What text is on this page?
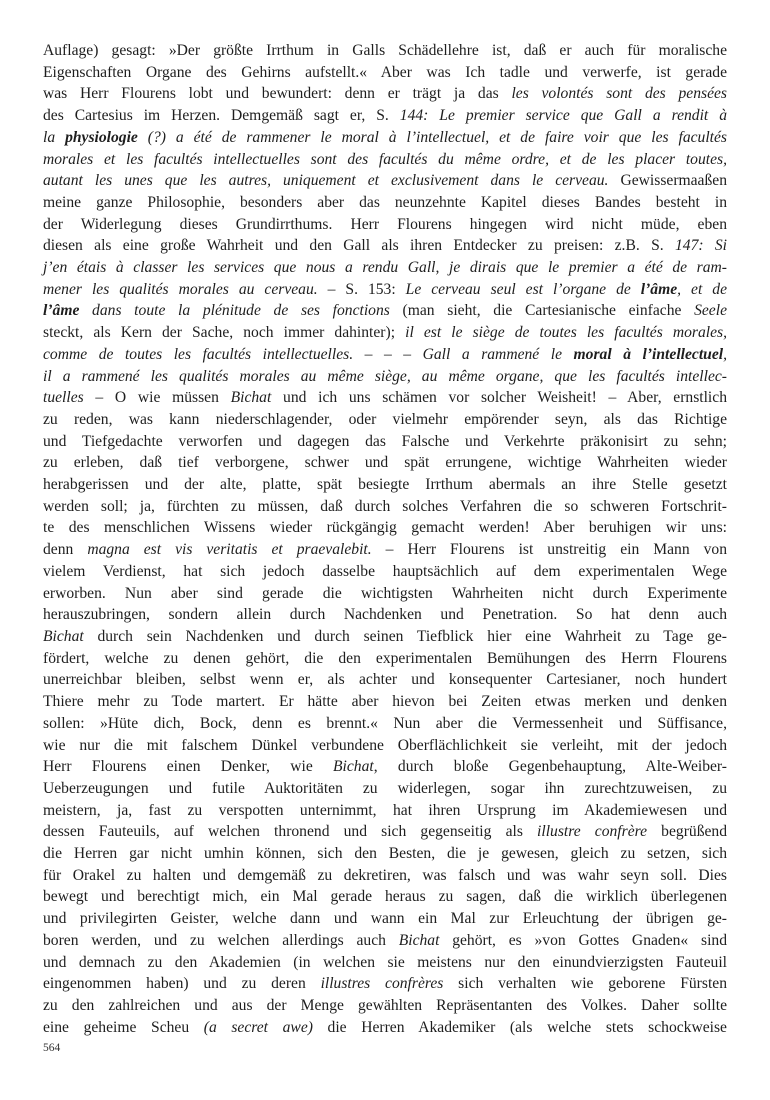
Auflage) gesagt: »Der größte Irrthum in Galls Schädellehre ist, daß er auch für moralische
Eigenschaften Organe des Gehirns aufstellt.« Aber was Ich tadle und verwerfe, ist gerade
was Herr Flourens lobt und bewundert: denn er trägt ja das les volontés sont des pensées
des Cartesius im Herzen. Demgemäß sagt er, S. 144: Le premier service que Gall a rendit à
la physiologie (?) a été de rammener le moral à l’intellectuel, et de faire voir que les facultés
morales et les facultés intellectuelles sont des facultés du même ordre, et de les placer toutes,
autant les unes que les autres, uniquement et exclusivement dans le cerveau. Gewissermaaßen
meine ganze Philosophie, besonders aber das neunzehnte Kapitel dieses Bandes besteht in
der Widerlegung dieses Grundirrthums. Herr Flourens hingegen wird nicht müde, eben
diesen als eine große Wahrheit und den Gall als ihren Entdecker zu preisen: z.B. S. 147: Si
j’en étais à classer les services que nous a rendu Gall, je dirais que le premier a été de ram-
mener les qualités morales au cerveau. – S. 153: Le cerveau seul est l’organe de l’âme, et de
l’âme dans toute la plénitude de ses fonctions (man sieht, die Cartesianische einfache Seele
steckt, als Kern der Sache, noch immer dahinter); il est le siège de toutes les facultés morales,
comme de toutes les facultés intellectuelles. – – – Gall a rammené le moral à l’intellectuel,
il a rammené les qualités morales au même siège, au même organe, que les facultés intellec-
tuelles – O wie müssen Bichat und ich uns schämen vor solcher Weisheit! – Aber, ernstlich
zu reden, was kann niederschlagender, oder vielmehr empörender seyn, als das Richtige
und Tiefgedachte verworfen und dagegen das Falsche und Verkehrte präkonisirt zu sehn;
zu erleben, daß tief verborgene, schwer und spät errungene, wichtige Wahrheiten wieder
herabgerissen und der alte, platte, spät besiegte Irrthum abermals an ihre Stelle gesetzt
werden soll; ja, fürchten zu müssen, daß durch solches Verfahren die so schweren Fortschrit-
te des menschlichen Wissens wieder rückgängig gemacht werden! Aber beruhigen wir uns:
denn magna est vis veritatis et praevalebit. – Herr Flourens ist unstreitig ein Mann von
vielem Verdienst, hat sich jedoch dasselbe hauptsächlich auf dem experimentalen Wege
erworben. Nun aber sind gerade die wichtigsten Wahrheiten nicht durch Experimente
herauszubringen, sondern allein durch Nachdenken und Penetration. So hat denn auch
Bichat durch sein Nachdenken und durch seinen Tiefblick hier eine Wahrheit zu Tage ge-
fördert, welche zu denen gehört, die den experimentalen Bemühungen des Herrn Flourens
unerreichbar bleiben, selbst wenn er, als achter und konsequenter Cartesianer, noch hundert
Thiere mehr zu Tode martert. Er hätte aber hievon bei Zeiten etwas merken und denken
sollen: »Hüte dich, Bock, denn es brennt.« Nun aber die Vermessenheit und Süffisance,
wie nur die mit falschem Dünkel verbundene Oberflächlichkeit sie verleiht, mit der jedoch
Herr Flourens einen Denker, wie Bichat, durch bloße Gegenbehauptung, Alte-Weiber-
Ueberzeugungen und futile Auktoritäten zu widerlegen, sogar ihn zurechtzuweisen, zu
meistern, ja, fast zu verspotten unternimmt, hat ihren Ursprung im Akademiewesen und
dessen Fauteuils, auf welchen thronend und sich gegenseitig als illustre confrère begrüßend
die Herren gar nicht umhin können, sich den Besten, die je gewesen, gleich zu setzen, sich
für Orakel zu halten und demgemäß zu dekretiren, was falsch und was wahr seyn soll. Dies
bewegt und berechtigt mich, ein Mal gerade heraus zu sagen, daß die wirklich überlegenen
und privilegirten Geister, welche dann und wann ein Mal zur Erleuchtung der übrigen ge-
boren werden, und zu welchen allerdings auch Bichat gehört, es »von Gottes Gnaden« sind
und demnach zu den Akademien (in welchen sie meistens nur den einundvierzigsten Fauteuil
eingenommen haben) und zu deren illustres confrères sich verhalten wie geborene Fürsten
zu den zahlreichen und aus der Menge gewählten Repräsentanten des Volkes. Daher sollte
eine geheime Scheu (a secret awe) die Herren Akademiker (als welche stets schockweise
564
